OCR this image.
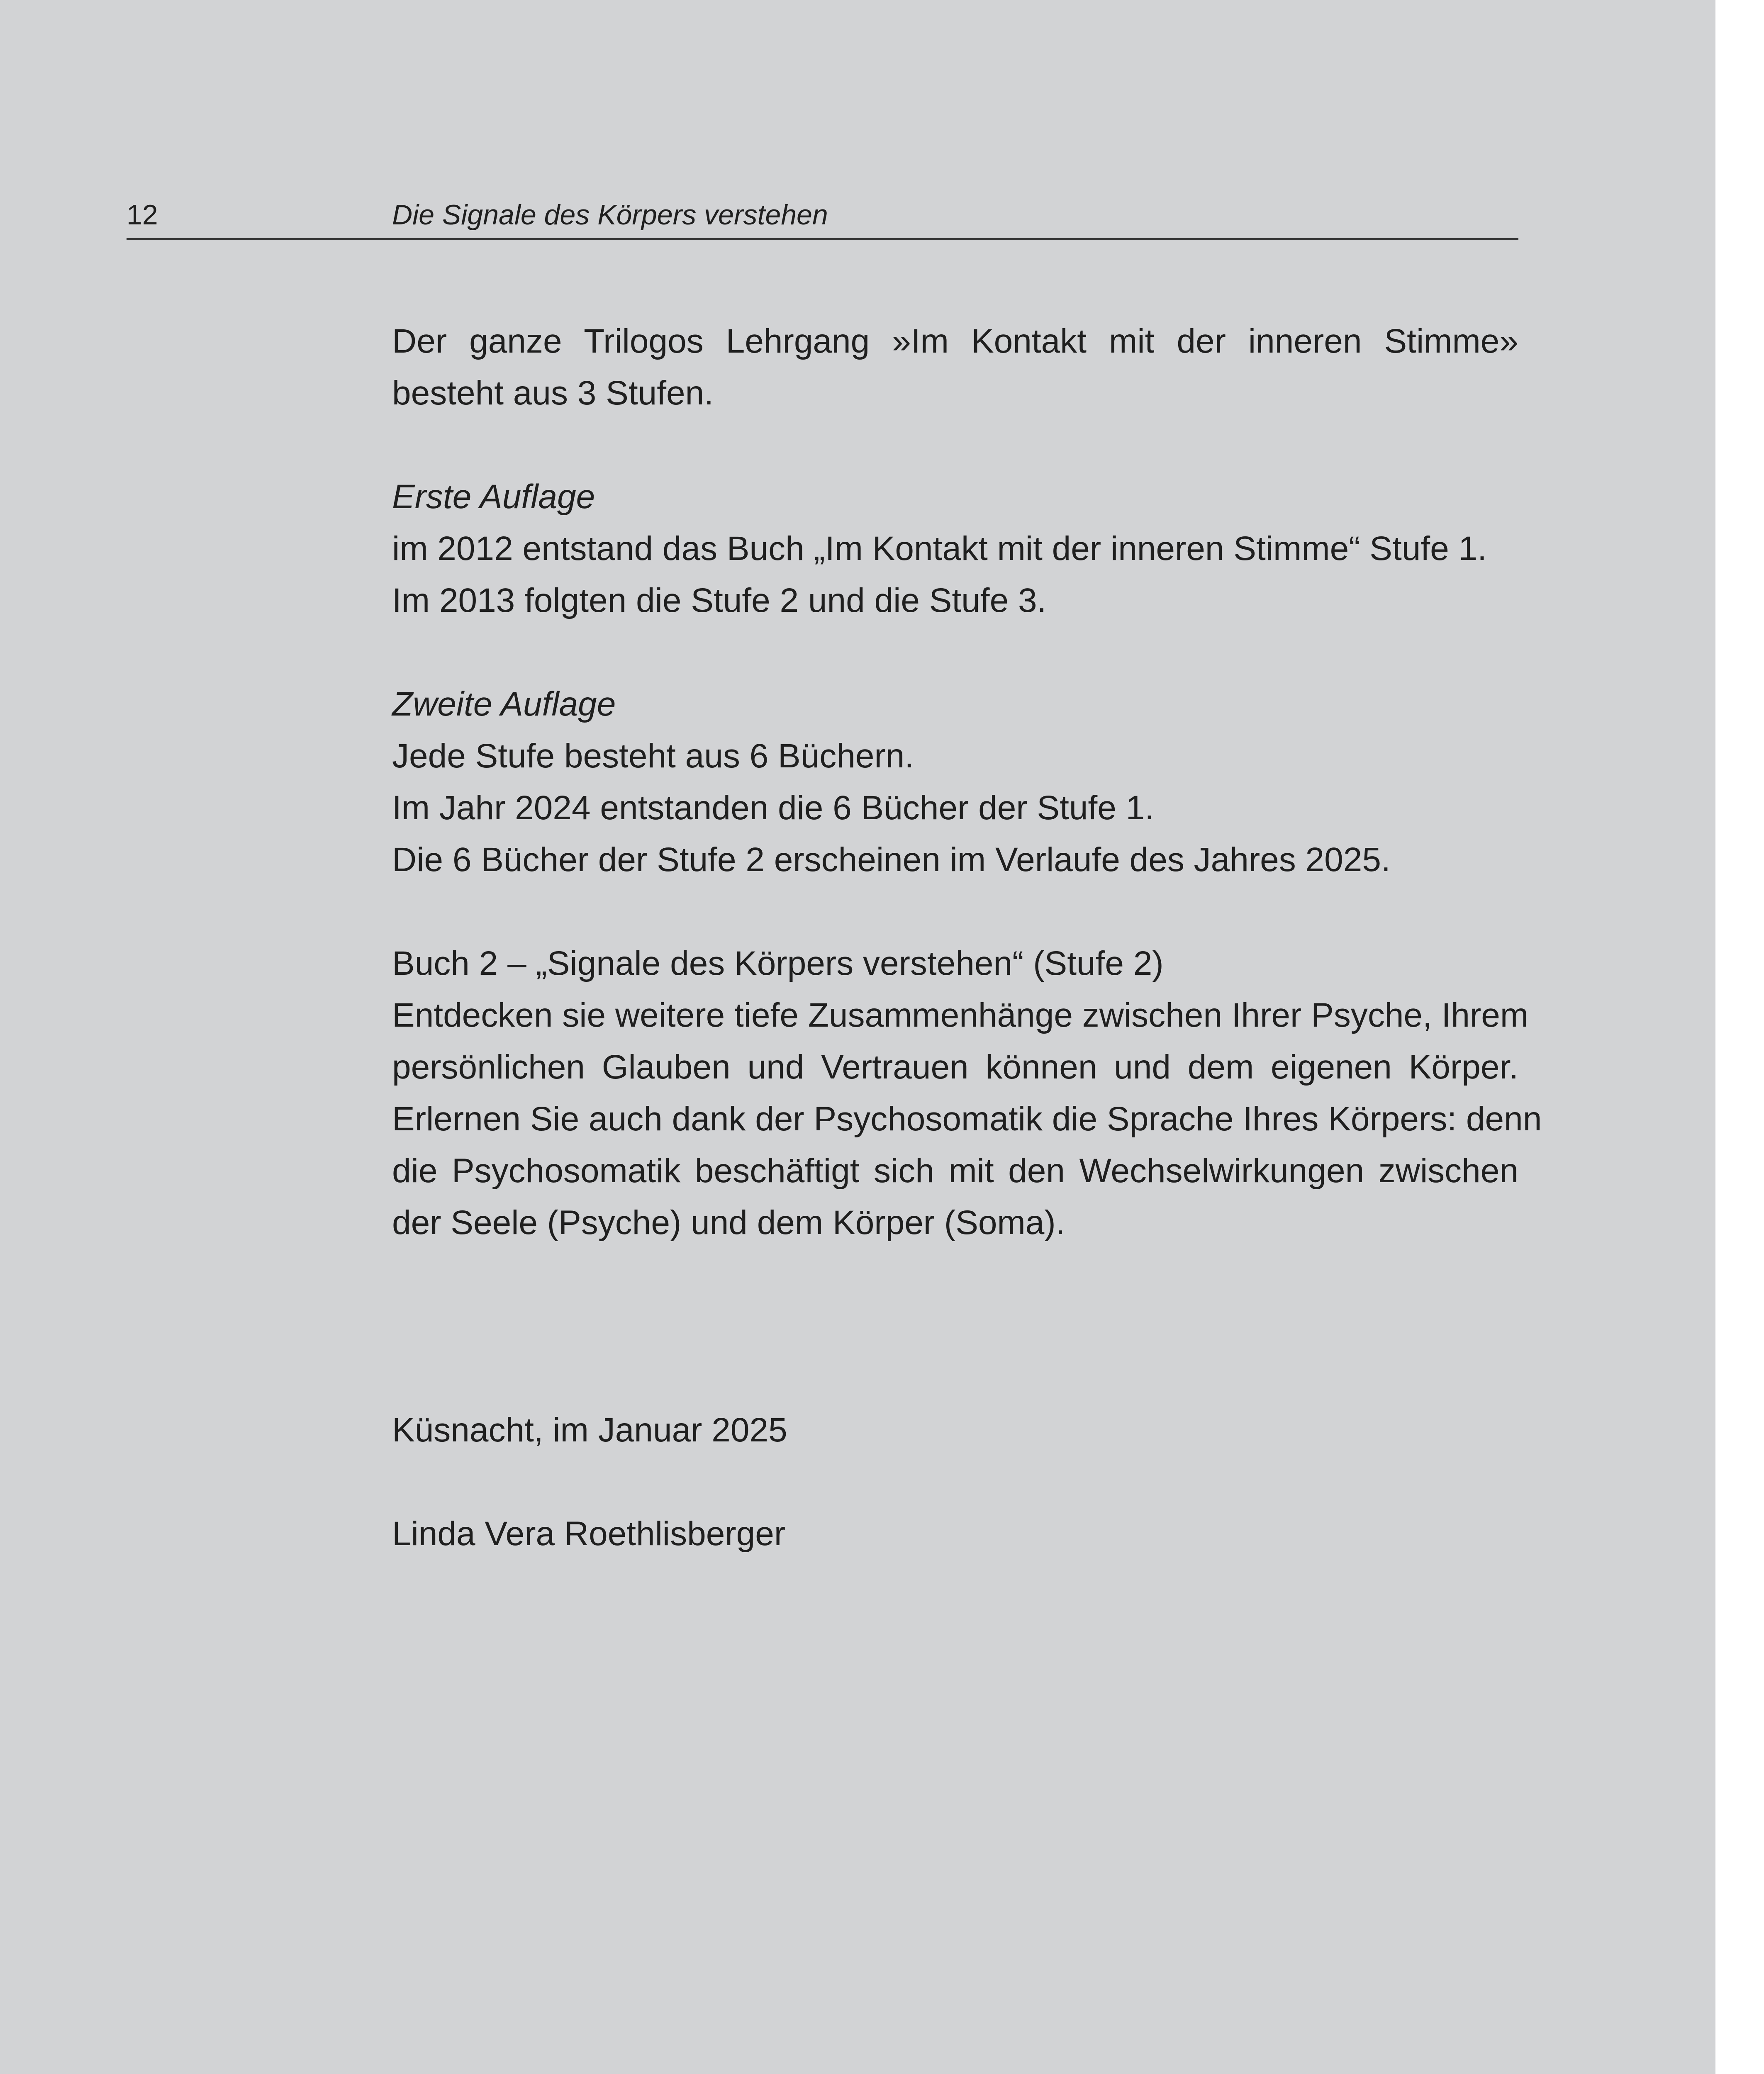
12	Die Signale des Körpers verstehen

Der ganze Trilogos Lehrgang »Im Kontakt mit der inneren Stimme»
besteht aus 3 Stufen.

Erste Auflage
im 2012 entstand das Buch „Im Kontakt mit der inneren Stimme“ Stufe 1.
Im 2013 folgten die Stufe 2 und die Stufe 3.

Zweite Auflage
Jede Stufe besteht aus 6 Büchern.
Im Jahr 2024 entstanden die 6 Bücher der Stufe 1.
Die 6 Bücher der Stufe 2 erscheinen im Verlaufe des Jahres 2025.

Buch 2 – „Signale des Körpers verstehen“ (Stufe 2)
Entdecken sie weitere tiefe Zusammenhänge zwischen Ihrer Psyche, Ihrem
persönlichen Glauben und Vertrauen können und dem eigenen Körper.
Erlernen Sie auch dank der Psychosomatik die Sprache Ihres Körpers: denn
die Psychosomatik beschäftigt sich mit den Wechselwirkungen zwischen
der Seele (Psyche) und dem Körper (Soma).

Küsnacht, im Januar 2025
Linda Vera Roethlisberger
